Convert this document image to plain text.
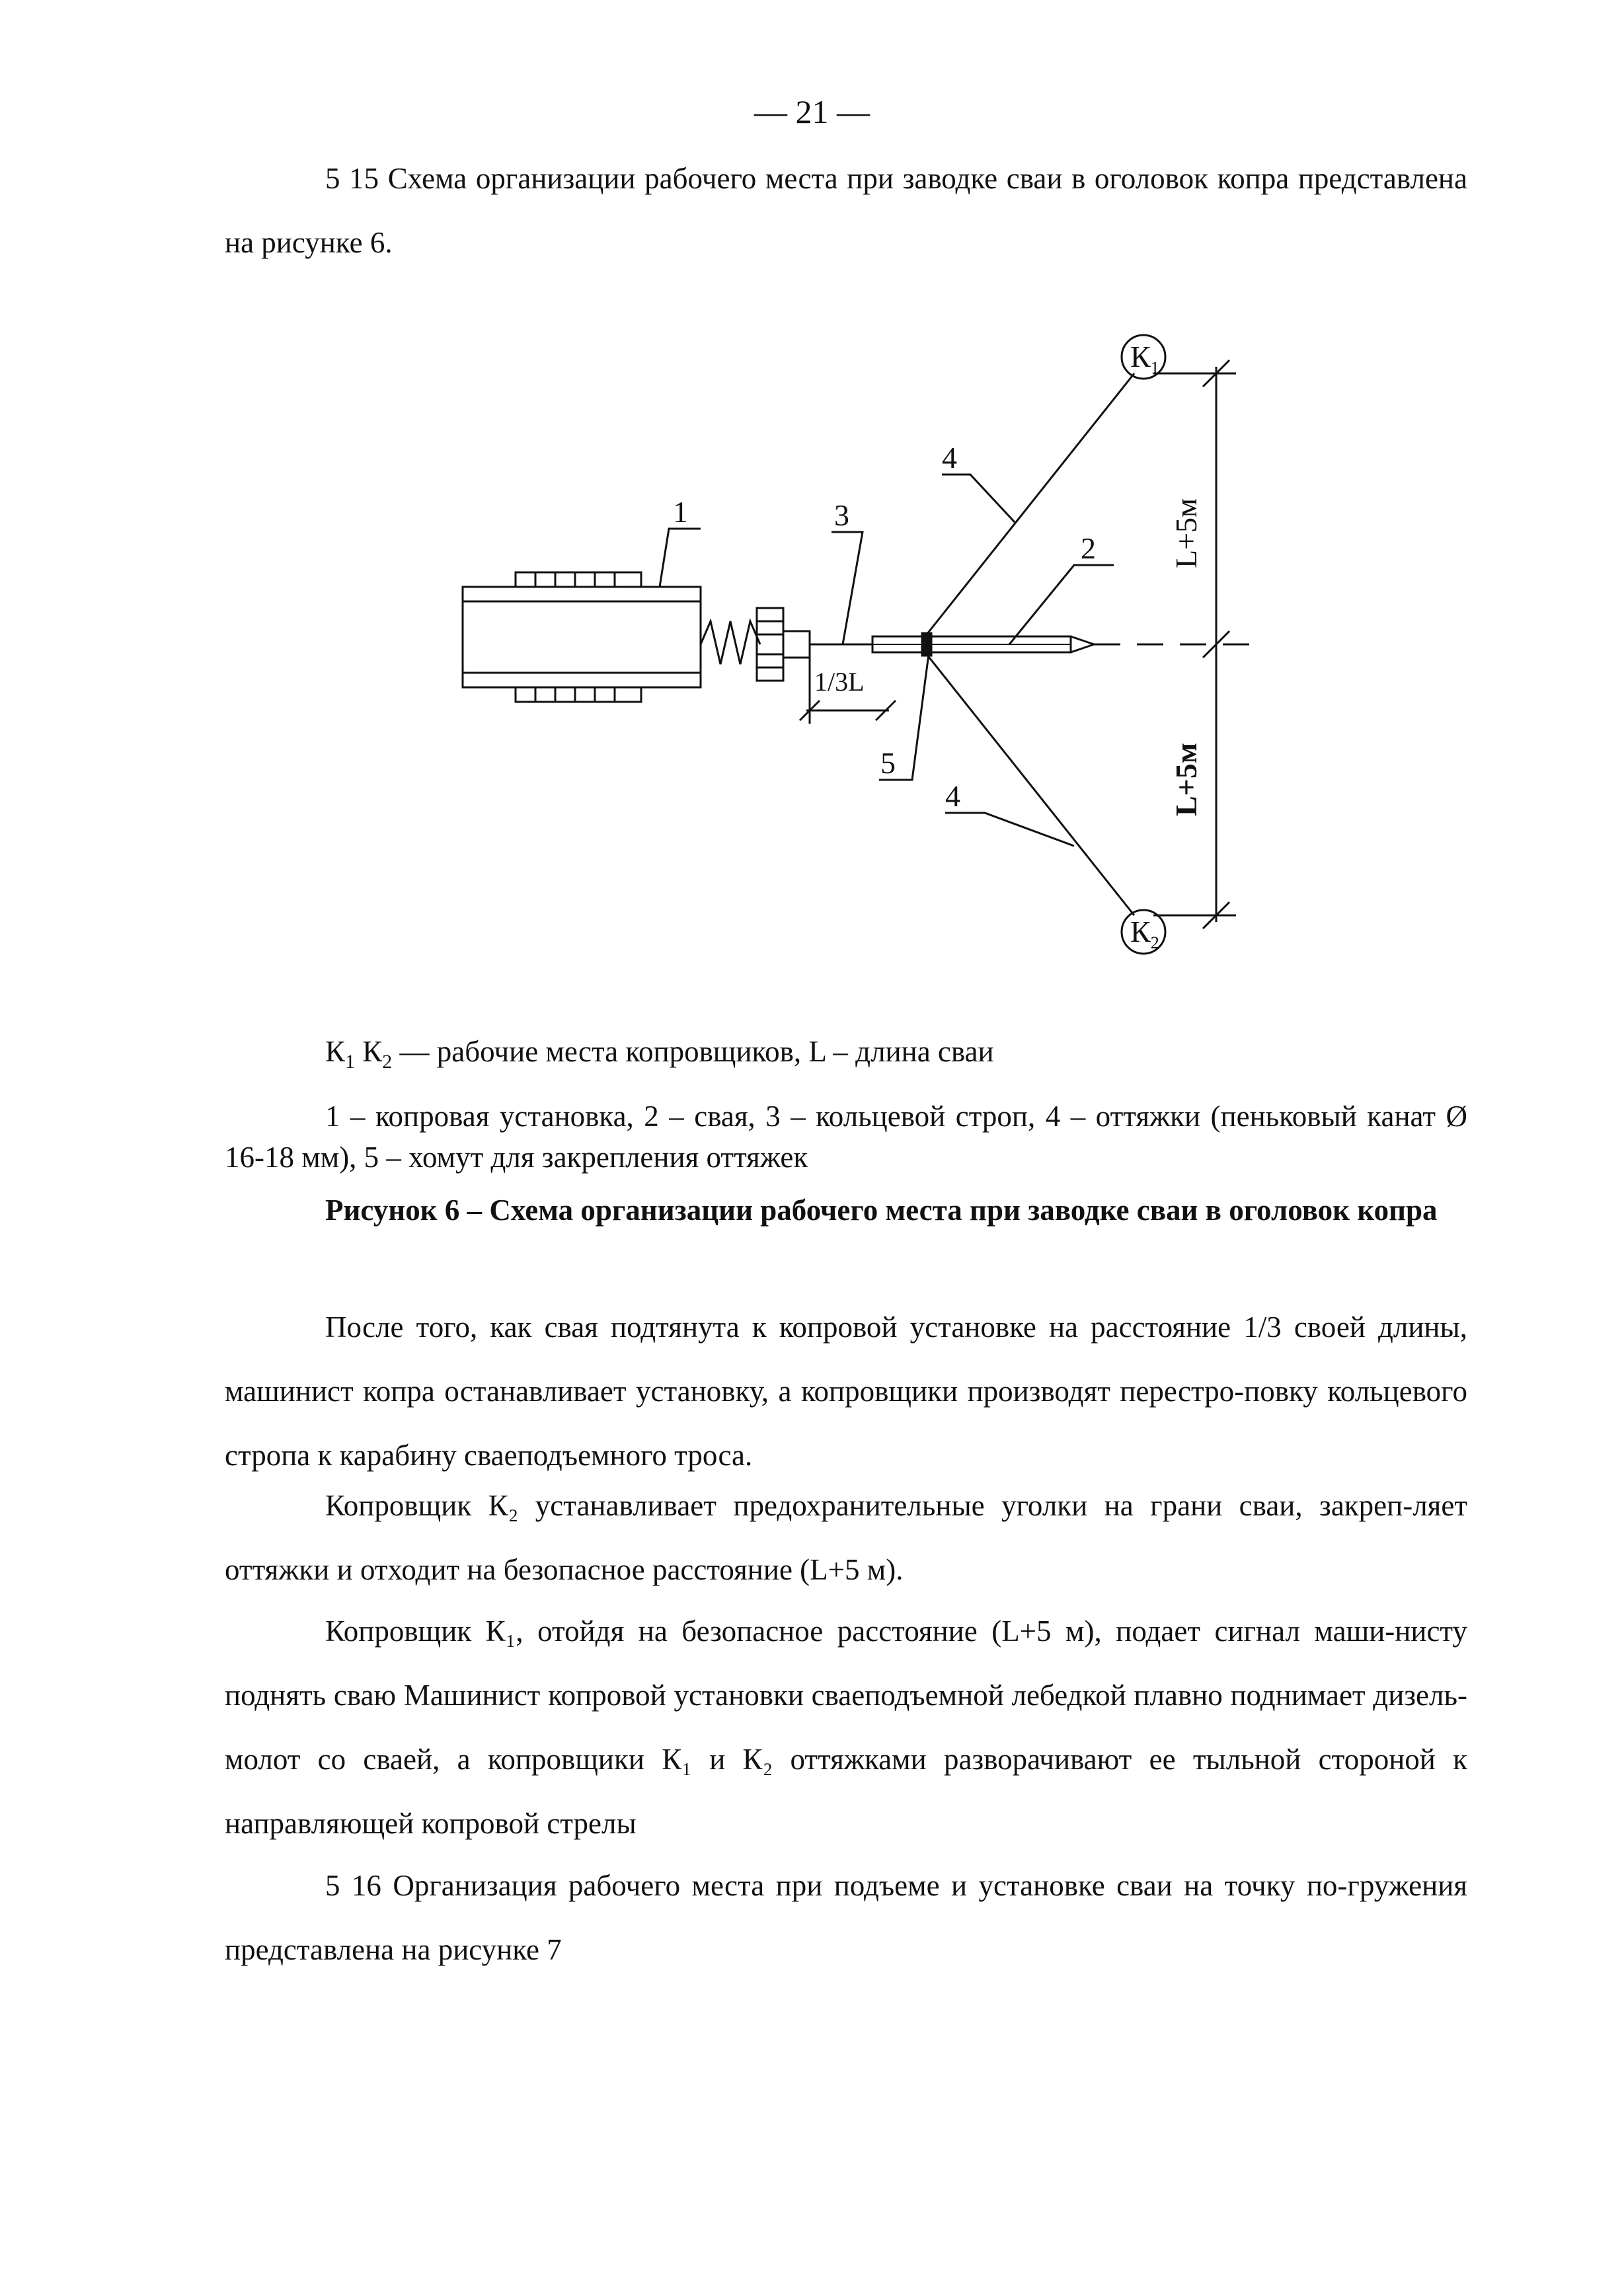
— 21 —
5 15 Схема организации рабочего места при заводке сваи в оголовок копра представлена на рисунке 6.
1	3
2
4
4
5
1/3L
L+5м
L+5м
$К_1$
$К_2$
$К_1$ $К_2$ — рабочие места копровщиков, L – длина сваи
1 – копровая установка, 2 – свая, 3 – кольцевой строп, 4 – оттяжки (пеньковый канат Ø 16-18 мм), 5 – хомут для закрепления оттяжек
Рисунок 6 – Схема организации рабочего места при заводке сваи в оголовок копра
После того, как свая подтянута к копровой установке на расстояние 1/3 своей длины, машинист копра останавливает установку, а копровщики производят перестро-повку кольцевого стропа к карабину сваеподъемного троса.
Копровщик К₂ устанавливает предохранительные уголки на грани сваи, закреп-ляет оттяжки и отходит на безопасное расстояние (L+5 м).
Копровщик К₁, отойдя на безопасное расстояние (L+5 м), подает сигнал маши-нисту поднять сваю Машинист копровой установки сваеподъемной лебедкой плавно поднимает дизель-молот со сваей, а копровщики К₁ и К₂ оттяжками разворачивают ее тыльной стороной к направляющей копровой стрелы
5 16 Организация рабочего места при подъеме и установке сваи на точку по-гружения представлена на рисунке 7
